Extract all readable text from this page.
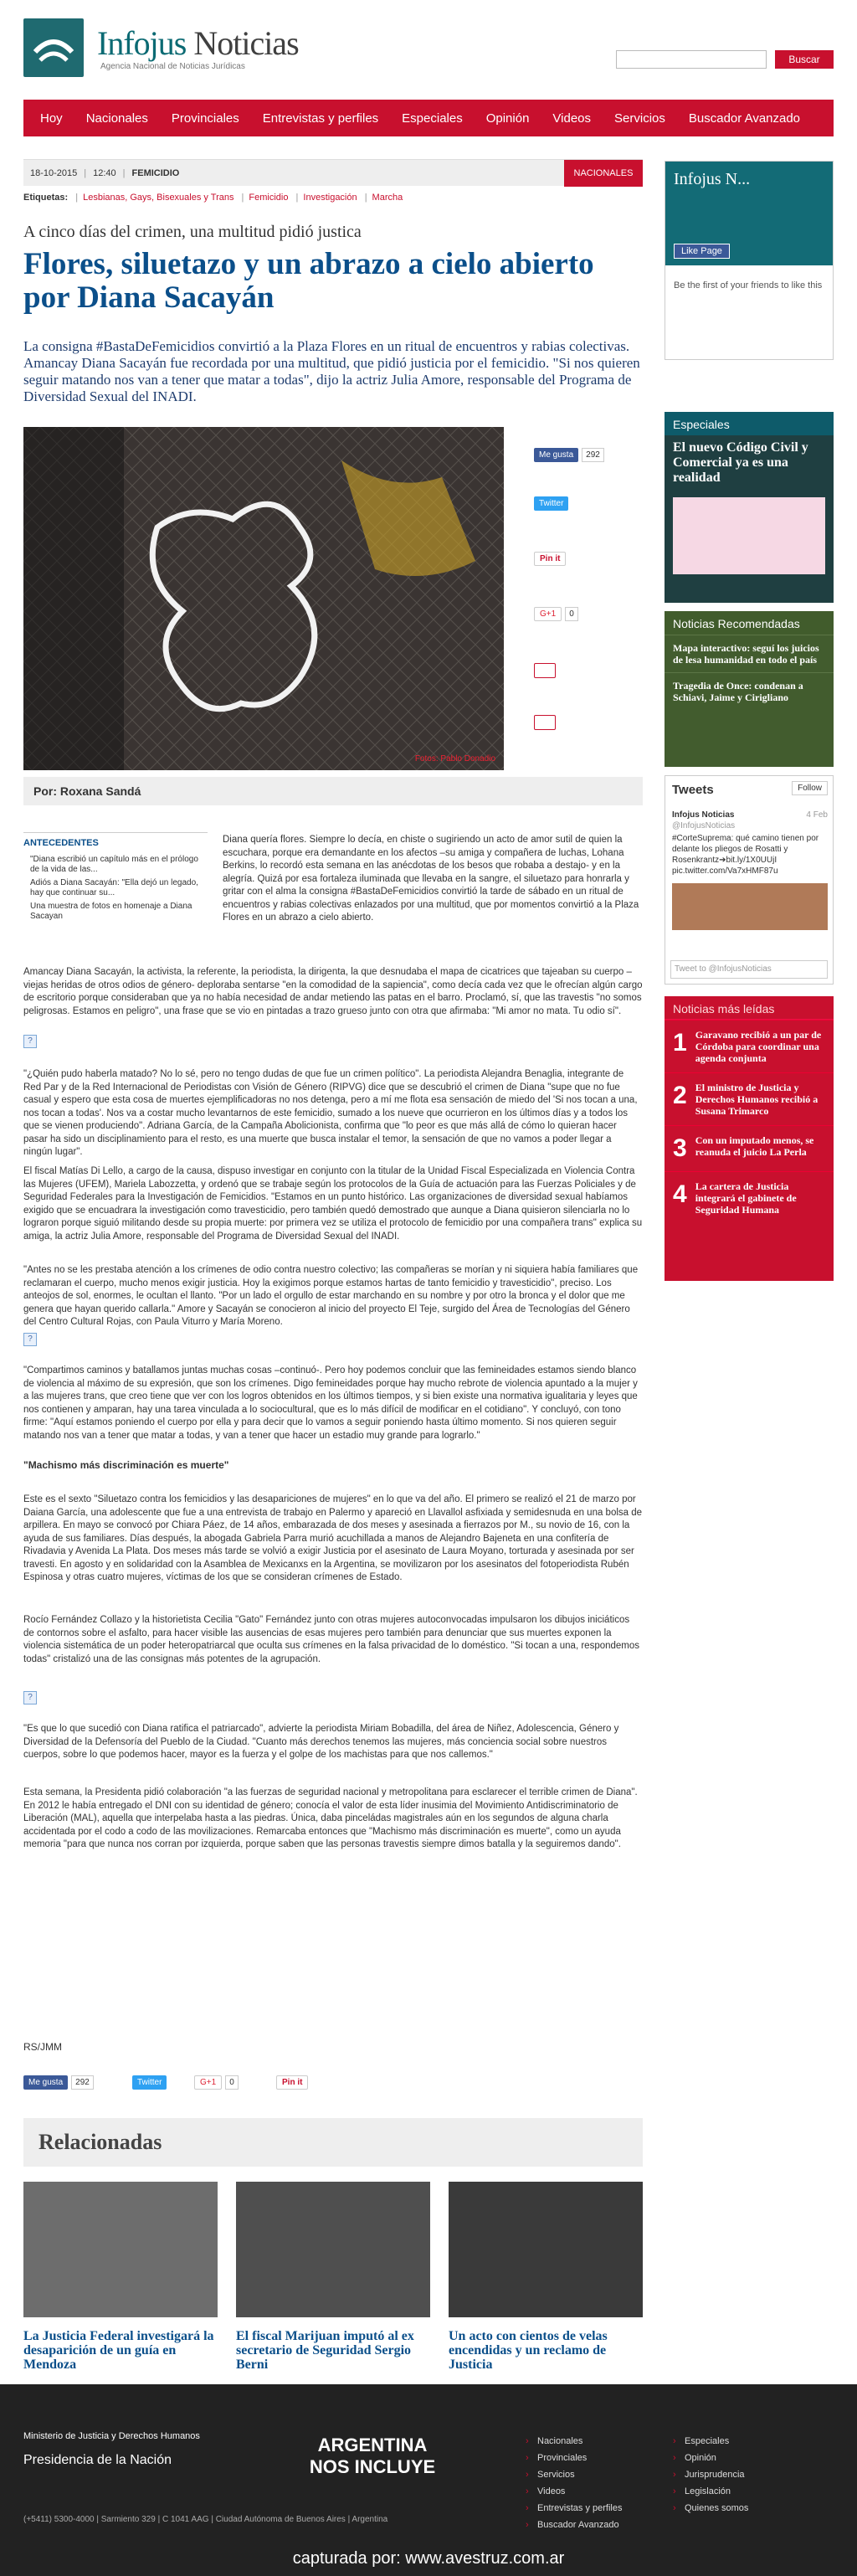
Infojus Noticias
Agencia Nacional de Noticias Jurídicas
Buscar
Hoy	Nacionales	Provinciales	Entrevistas y perfiles	Especiales	Opinión	Videos	Servicios	Buscador Avanzado
18-10-2015 | 12:40 | FEMICIDIO	NACIONALES
Etiquetas: | Lesbianas, Gays, Bisexuales y Trans | Femicidio | Investigación | Marcha
A cinco días del crimen, una multitud pidió justica
Flores, siluetazo y un abrazo a cielo abierto por Diana Sacayán
La consigna #BastaDeFemicidios convirtió a la Plaza Flores en un ritual de encuentros y rabias colectivas. Amancay Diana Sacayán fue recordada por una multitud, que pidió justicia por el femicidio. "Si nos quieren seguir matando nos van a tener que matar a todas", dijo la actriz Julia Amore, responsable del Programa de Diversidad Sexual del INADI.
Fotos: Pablo Donadio
Me gusta 292
Twitter
Pin it
G+1 0
Por: Roxana Sandá
ANTECEDENTES
"Diana escribió un capítulo más en el prólogo de la vida de las...
Adiós a Diana Sacayán: "Ella dejó un legado, hay que continuar su...
Una muestra de fotos en homenaje a Diana Sacayan
Diana quería flores. Siempre lo decía, en chiste o sugiriendo un acto de amor sutil de quien la escuchara, porque era demandante en los afectos –su amiga y compañera de luchas, Lohana Berkins, lo recordó esta semana en las anécdotas de los besos que robaba a destajo- y en la alegría. Quizá por esa fortaleza iluminada que llevaba en la sangre, el siluetazo para honrarla y gritar con el alma la consigna #BastaDeFemicidios convirtió la tarde de sábado en un ritual de encuentros y rabias colectivas enlazados por una multitud, que por momentos convirtió a la Plaza Flores en un abrazo a cielo abierto.
Amancay Diana Sacayán, la activista, la referente, la periodista, la dirigenta, la que desnudaba el mapa de cicatrices que tajeaban su cuerpo –viejas heridas de otros odios de género- deploraba sentarse "en la comodidad de la sapiencia", como decía cada vez que le ofrecían algún cargo de escritorio porque consideraban que ya no había necesidad de andar metiendo las patas en el barro. Proclamó, sí, que las travestis "no somos peligrosas. Estamos en peligro", una frase que se vio en pintadas a trazo grueso junto con otra que afirmaba: "Mi amor no mata. Tu odio sí".
?
"¿Quién pudo haberla matado? No lo sé, pero no tengo dudas de que fue un crimen político". La periodista Alejandra Benaglia, integrante de Red Par y de la Red Internacional de Periodistas con Visión de Género (RIPVG) dice que se descubrió el crimen de Diana "supe que no fue casual y espero que esta cosa de muertes ejemplificadoras no nos detenga, pero a mí me flota esa sensación de miedo del 'Si nos tocan a una, nos tocan a todas'. Nos va a costar mucho levantarnos de este femicidio, sumado a los nueve que ocurrieron en los últimos días y a todos los que se vienen produciendo". Adriana García, de la Campaña Abolicionista, confirma que "lo peor es que más allá de cómo lo quieran hacer pasar ha sido un disciplinamiento para el resto, es una muerte que busca instalar el temor, la sensación de que no vamos a poder llegar a ningún lugar".
El fiscal Matías Di Lello, a cargo de la causa, dispuso investigar en conjunto con la titular de la Unidad Fiscal Especializada en Violencia Contra las Mujeres (UFEM), Mariela Labozzetta, y ordenó que se trabaje según los protocolos de la Guía de actuación para las Fuerzas Policiales y de Seguridad Federales para la Investigación de Femicidios. "Estamos en un punto histórico. Las organizaciones de diversidad sexual habíamos exigido que se encuadrara la investigación como travesticidio, pero también quedó demostrado que aunque a Diana quisieron silenciarla no lo lograron porque siguió militando desde su propia muerte: por primera vez se utiliza el protocolo de femicidio por una compañera trans" explica su amiga, la actriz Julia Amore, responsable del Programa de Diversidad Sexual del INADI.
"Antes no se les prestaba atención a los crímenes de odio contra nuestro colectivo; las compañeras se morían y ni siquiera había familiares que reclamaran el cuerpo, mucho menos exigir justicia. Hoy la exigimos porque estamos hartas de tanto femicidio y travesticidio", preciso. Los anteojos de sol, enormes, le ocultan el llanto. "Por un lado el orgullo de estar marchando en su nombre y por otro la bronca y el dolor que me genera que hayan querido callarla." Amore y Sacayán se conocieron al inicio del proyecto El Teje, surgido del Área de Tecnologías del Género del Centro Cultural Rojas, con Paula Viturro y María Moreno.
?
"Compartimos caminos y batallamos juntas muchas cosas –continuó-. Pero hoy podemos concluir que las femineidades estamos siendo blanco de violencia al máximo de su expresión, que son los crímenes. Digo femineidades porque hay mucho rebrote de violencia apuntado a la mujer y a las mujeres trans, que creo tiene que ver con los logros obtenidos en los últimos tiempos, y si bien existe una normativa igualitaria y leyes que nos contienen y amparan, hay una tarea vinculada a lo sociocultural, que es lo más difícil de modificar en el cotidiano". Y concluyó, con tono firme: "Aquí estamos poniendo el cuerpo por ella y para decir que lo vamos a seguir poniendo hasta último momento. Si nos quieren seguir matando nos van a tener que matar a todas, y van a tener que hacer un estadio muy grande para lograrlo."
"Machismo más discriminación es muerte"
Este es el sexto "Siluetazo contra los femicidios y las desapariciones de mujeres" en lo que va del año. El primero se realizó el 21 de marzo por Daiana García, una adolescente que fue a una entrevista de trabajo en Palermo y apareció en Llavallol asfixiada y semidesnuda en una bolsa de arpillera. En mayo se convocó por Chiara Páez, de 14 años, embarazada de dos meses y asesinada a fierrazos por M., su novio de 16, con la ayuda de sus familiares. Días después, la abogada Gabriela Parra murió acuchillada a manos de Alejandro Bajeneta en una confitería de Rivadavia y Avenida La Plata. Dos meses más tarde se volvió a exigir Justicia por el asesinato de Laura Moyano, torturada y asesinada por ser travesti. En agosto y en solidaridad con la Asamblea de Mexicanxs en la Argentina, se movilizaron por los asesinatos del fotoperiodista Rubén Espinosa y otras cuatro mujeres, víctimas de los que se consideran crímenes de Estado.
Rocío Fernández Collazo y la historietista Cecilia "Gato" Fernández junto con otras mujeres autoconvocadas impulsaron los dibujos iniciáticos de contornos sobre el asfalto, para hacer visible las ausencias de esas mujeres pero también para denunciar que sus muertes exponen la violencia sistemática de un poder heteropatriarcal que oculta sus crímenes en la falsa privacidad de lo doméstico. "Si tocan a una, respondemos todas" cristalizó una de las consignas más potentes de la agrupación.
?
"Es que lo que sucedió con Diana ratifica el patriarcado", advierte la periodista Miriam Bobadilla, del área de Niñez, Adolescencia, Género y Diversidad de la Defensoría del Pueblo de la Ciudad. "Cuanto más derechos tenemos las mujeres, más conciencia social sobre nuestros cuerpos, sobre lo que podemos hacer, mayor es la fuerza y el golpe de los machistas para que nos callemos."
Esta semana, la Presidenta pidió colaboración "a las fuerzas de seguridad nacional y metropolitana para esclarecer el terrible crimen de Diana". En 2012 le había entregado el DNI con su identidad de género; conocía el valor de esta líder inusimia del Movimiento Antidiscriminatorio de Liberación (MAL), aquella que interpelaba hasta a las piedras. Única, daba pinceládas magistrales aún en los segundos de alguna charla accidentada por el codo a codo de las movilizaciones. Remarcaba entonces que "Machismo más discriminación es muerte", como un ayuda memoria "para que nunca nos corran por izquierda, porque saben que las personas travestis siempre dimos batalla y la seguiremos dando".
RS/JMM
Me gusta 292	Twitter	G+1 0	Pin it
Relacionadas
La Justicia Federal investigará la desaparición de un guía en Mendoza
El fiscal Marijuan imputó al ex secretario de Seguridad Sergio Berni
Un acto con cientos de velas encendidas y un reclamo de Justicia
Infojus N...
Like Page
Be the first of your friends to like this
Especiales
El nuevo Código Civil y Comercial ya es una realidad
Noticias Recomendadas
Mapa interactivo: seguí los juicios de lesa humanidad en todo el país
Tragedia de Once: condenan a Schiavi, Jaime y Cirigliano
Tweets	Follow
Infojus Noticias	4 Feb
@InfojusNoticias
#CorteSuprema: qué camino tienen por delante los pliegos de Rosatti y Rosenkrantz➔bit.ly/1X0UUjI pic.twitter.com/Va7xHMF87u
Tweet to @InfojusNoticias
Noticias más leídas
1 Garavano recibió a un par de Córdoba para coordinar una agenda conjunta
2 El ministro de Justicia y Derechos Humanos recibió a Susana Trimarco
3 Con un imputado menos, se reanuda el juicio La Perla
4 La cartera de Justicia integrará el gabinete de Seguridad Humana
Ministerio de Justicia y Derechos Humanos
Presidencia de la Nación
(+5411) 5300-4000 | Sarmiento 329 | C 1041 AAG | Ciudad Autónoma de Buenos Aires | Argentina
ARGENTINA NOS INCLUYE
› Nacionales
› Provinciales
› Servicios
› Videos
› Entrevistas y perfiles
› Buscador Avanzado
› Especiales
› Opinión
› Jurisprudencia
› Legislación
› Quienes somos
capturada por: www.avestruz.com.ar
